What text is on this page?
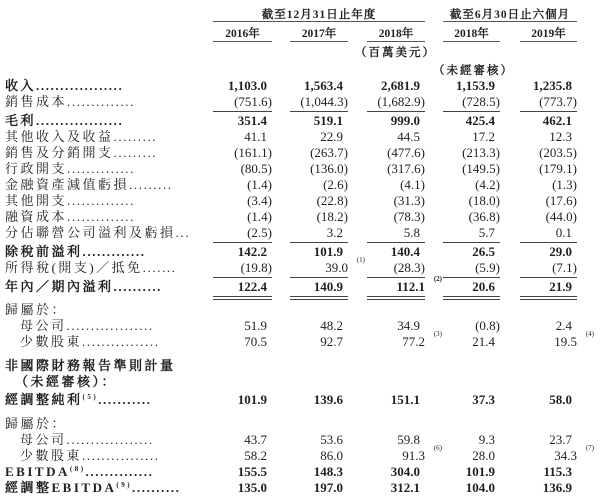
截至12月31日止年度	截至6月30日止六個月
2016年	2017年	2018年	2018年	2019年
（百萬美元）
（未經審核）
收入..................	1,103.0	1,563.4	2,681.9	1,153.9	1,235.8
銷售成本..............	(751.6)	(1,044.3)	(1,682.9)	(728.5)	(773.7)
毛利..................	351.4	519.1	999.0	425.4	462.1
其他收入及收益.........	41.1	22.9	44.5	17.2	12.3
銷售及分銷開支.........	(161.1)	(263.7)	(477.6)	(213.3)	(203.5)
行政開支..............	(80.5)	(136.0)	(317.6)	(149.5)	(179.1)
金融資產減值虧損.........	(1.4)	(2.6)	(4.1)	(4.2)	(1.3)
其他開支..............	(3.4)	(22.8)	(31.3)	(18.0)	(17.6)
融資成本..............	(1.4)	(18.2)	(78.3)	(36.8)	(44.0)
分佔聯營公司溢利及虧損...	(2.5)	3.2	5.8	5.7	0.1
除稅前溢利.............	142.2	101.9	140.4	26.5	29.0
所得稅(開支)／抵免.......	(19.8)	39.0 (1)	(28.3)	(5.9)	(7.1)
年內／期內溢利..........	122.4	140.9	112.1 (2)	20.6	21.9
歸屬於：
母公司..................	51.9	48.2	34.9	(0.8)	2.4
少數股東................	70.5	92.7	77.2 (3)	21.4	19.5 (4)
非國際財務報告準則計量
（未經審核）：
經調整純利$^{(5)}$...........	101.9	139.6	151.1	37.3	58.0
歸屬於：
母公司..................	43.7	53.6	59.8	9.3	23.7
少數股東................	58.2	86.0	91.3 (6)	28.0	34.3 (7)
EBITDA$^{(8)}$..............	155.5	148.3	304.0	101.9	115.3
經調整EBITDA$^{(9)}$..........	135.0	197.0	312.1	104.0	136.9
